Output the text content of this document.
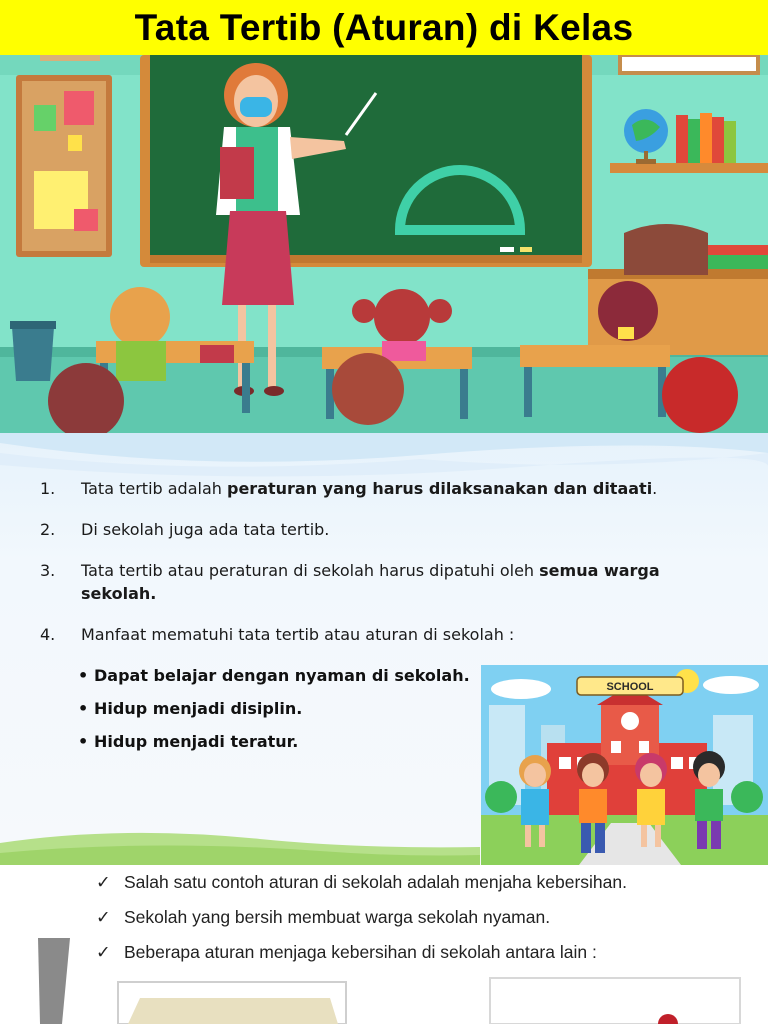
Tata Tertib (Aturan) di Kelas
1.	Tata tertib adalah peraturan yang harus dilaksanakan dan ditaati.
2.	Di sekolah juga ada tata tertib.
3.	Tata tertib atau peraturan di sekolah harus dipatuhi oleh semua warga sekolah.
4.	Manfaat mematuhi tata tertib atau aturan di sekolah :
• Dapat belajar dengan nyaman di sekolah.
• Hidup menjadi disiplin.
• Hidup menjadi teratur.
SCHOOL
✓ Salah satu contoh aturan di sekolah adalah menjaha kebersihan.
✓ Sekolah yang bersih membuat warga sekolah nyaman.
✓ Beberapa aturan menjaga kebersihan di sekolah antara lain :
